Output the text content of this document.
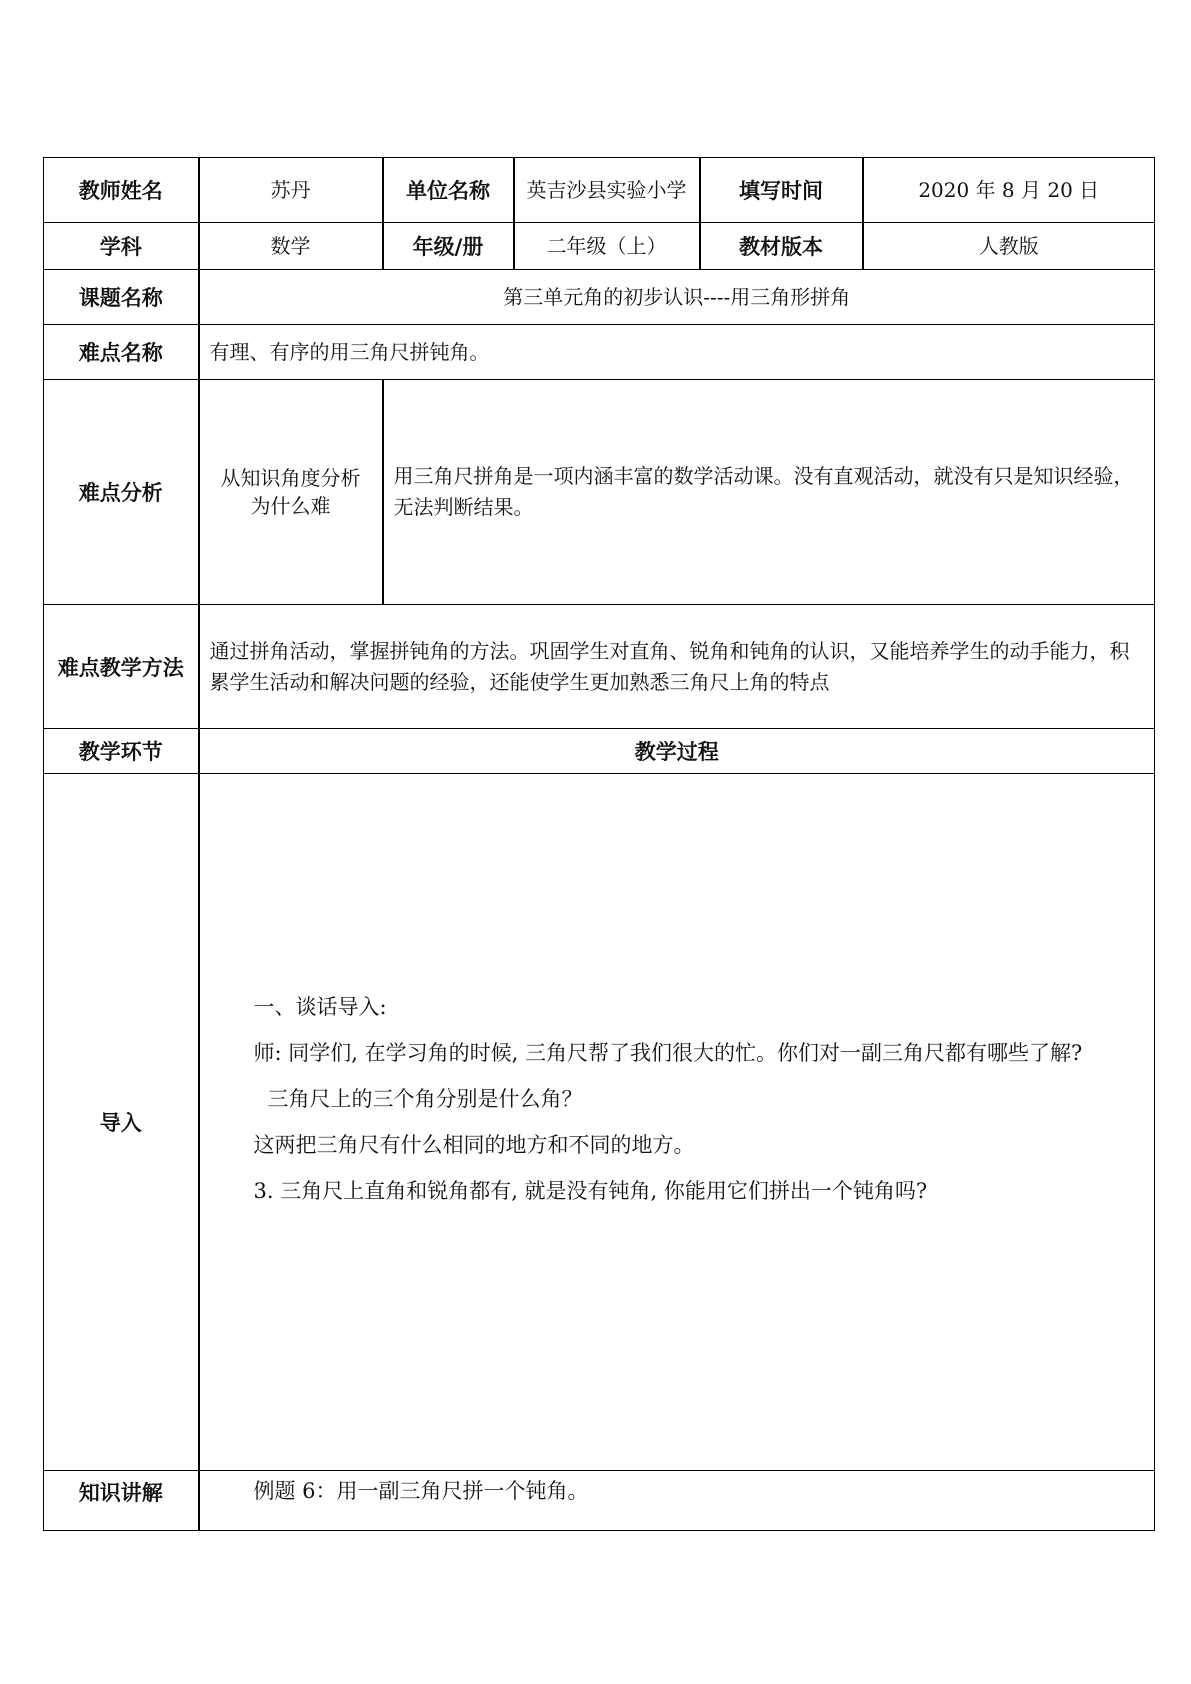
教师姓名	苏丹	单位名称	英吉沙县实验小学	填写时间	2020 年 8 月 20 日
学科	数学	年级/册	二年级（上）	教材版本	人教版
课题名称	第三单元角的初步认识----用三角形拼角				
难点名称	有理、有序的用三角尺拼钝角。				
难点分析	从知识角度分析为什么难	用三角尺拼角是一项内涵丰富的数学活动课。没有直观活动，就没有只是知识经验，无法判断结果。			
难点教学方法	通过拼角活动，掌握拼钝角的方法。巩固学生对直角、锐角和钝角的认识，又能培养学生的动手能力，积累学生活动和解决问题的经验，还能使学生更加熟悉三角尺上角的特点				
教学环节	教学过程				
导入	一、谈话导入:

师: 同学们, 在学习角的时候, 三角尺帮了我们很大的忙。你们对一副三角尺都有哪些了解?

三角尺上的三个角分别是什么角？

这两把三角尺有什么相同的地方和不同的地方。

3. 三角尺上直角和锐角都有, 就是没有钝角, 你能用它们拼出一个钝角吗?				

知识讲解	例题 6：用一副三角尺拼一个钝角。				
